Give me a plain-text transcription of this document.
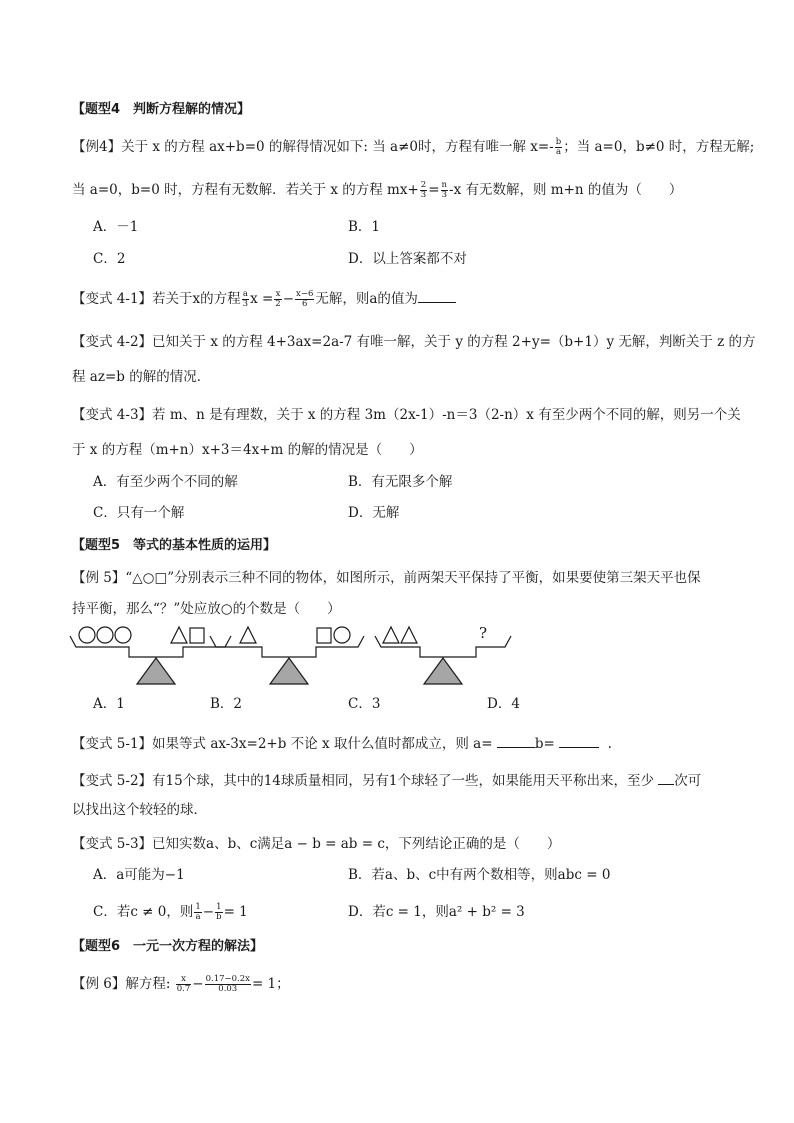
【题型4　判断方程解的情况】
【例4】关于 x 的方程 ax+b=0 的解得情况如下: 当 a≠0时，方程有唯一解 $x=- \frac{b}{a}$ ；当 a=0，b≠0 时，方程无解;
当 a=0，b=0 时，方程有无数解．若关于 x 的方程 $mx+ \frac{2}{3} = \frac{n}{3} -x$ 有无数解，则 m+n 的值为（　　）
A．－1	B．1
C．2	D．以上答案都不对
【变式 4-1】若关于x的方程 $\frac{a}{3}$ $x = \frac{x}{2} - \frac{x-6}{6}$ 无解，则a的值为
【变式 4-2】已知关于 x 的方程 4+3ax=2a-7 有唯一解，关于 y 的方程 2+y=（b+1）y 无解，判断关于 z 的方
程 az=b 的解的情况．
【变式 4-3】若 m、n 是有理数，关于 x 的方程 3m（2x-1）-n＝3（2-n）x 有至少两个不同的解，则另一个关
于 x 的方程（m+n）x+3＝4x+m 的解的情况是（　　）
A．有至少两个不同的解	B．有无限多个解
C．只有一个解	D．无解
【题型5　等式的基本性质的运用】
【例 5】“△○□”分别表示三种不同的物体，如图所示，前两架天平保持了平衡，如果要使第三架天平也保
持平衡，那么“？”处应放○的个数是（　　）
?
A．1	B．2	C．3	D．4
【变式 5-1】如果等式 ax-3x=2+b 不论 x 取什么值时都成立，则 a=	b=	.
【变式 5-2】有15个球，其中的14球质量相同，另有1个球轻了一些，如果能用天平称出来，至少 次可
以找出这个较轻的球．
【变式 5-3】已知实数a、b、c满足a − b = ab = c，下列结论正确的是（　　）
A．a可能为−1	B．若a、b、c中有两个数相等，则abc = 0
C．若c ≠ 0，则 $\frac{1}{a} - \frac{1}{b} = 1$	D．若c = 1，则a² + b² = 3
【题型6　一元一次方程的解法】
【例 6】解方程: $\frac{x}{0.7} - \frac{0.17-0.2x}{0.03} = 1$；
